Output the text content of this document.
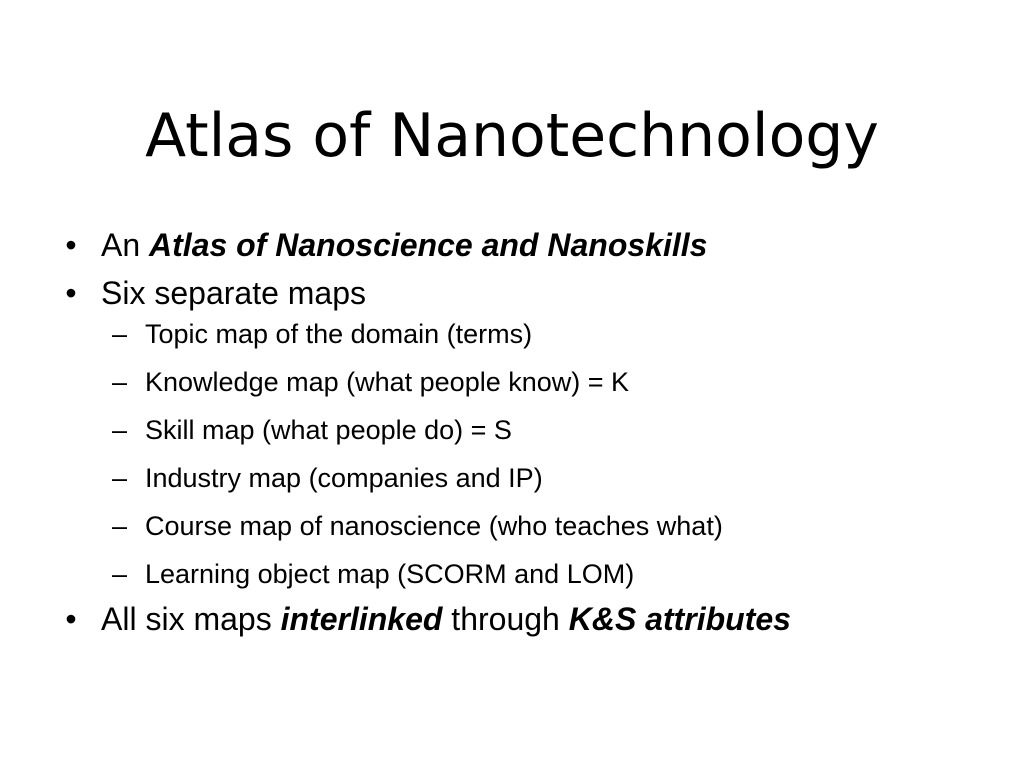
Atlas of Nanotechnology
• An Atlas of Nanoscience and Nanoskills
• Six separate maps
– Topic map of the domain (terms)
– Knowledge map (what people know) = K
– Skill map (what people do) = S
– Industry map (companies and IP)
– Course map of nanoscience (who teaches what)
– Learning object map (SCORM and LOM)
• All six maps interlinked through K&S attributes
